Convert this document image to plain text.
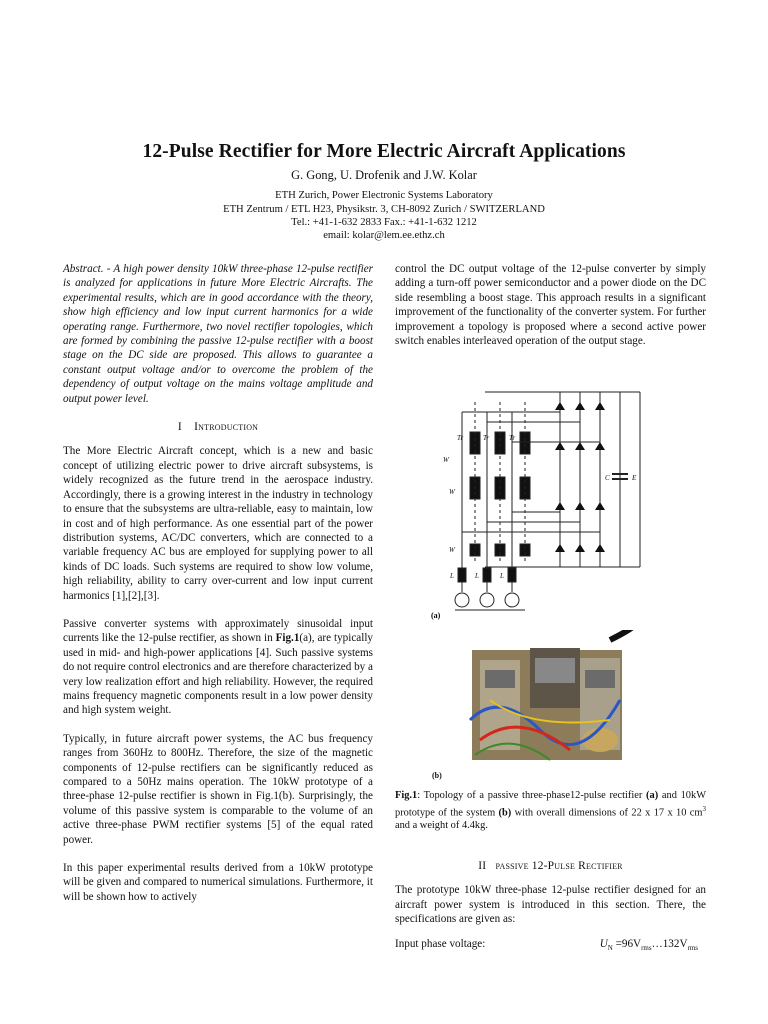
12-Pulse Rectifier for More Electric Aircraft Applications
G. Gong, U. Drofenik and J.W. Kolar
ETH Zurich, Power Electronic Systems Laboratory
ETH Zentrum / ETL H23, Physikstr. 3, CH-8092 Zurich / SWITZERLAND
Tel.: +41-1-632 2833 Fax.: +41-1-632 1212
email: kolar@lem.ee.ethz.ch

Abstract. - A high power density 10kW three-phase 12-pulse rectifier is analyzed for applications in future More Electric Aircrafts. The experimental results, which are in good accordance with the theory, show high efficiency and low input current harmonics for a wide operating range. Furthermore, two novel rectifier topologies, which are formed by combining the passive 12-pulse rectifier with a boost stage on the DC side are proposed. This allows to guarantee a constant output voltage and/or to overcome the problem of the dependency of output voltage on the mains voltage amplitude and output power level.

I Introduction

The More Electric Aircraft concept, which is a new and basic concept of utilizing electric power to drive aircraft subsystems, is widely recognized as the future trend in the aerospace industry. Accordingly, there is a growing interest in the industry in technology to ensure that the subsystems are ultra-reliable, easy to maintain, low in cost and of high performance. As one essential part of the power distribution systems, AC/DC converters, which are connected to a variable frequency AC bus are employed for supplying power to all kinds of DC loads. Such systems are required to show low volume, high reliability, ability to carry over-current and low input current harmonics [1],[2],[3].

Passive converter systems with approximately sinusoidal input currents like the 12-pulse rectifier, as shown in Fig.1(a), are typically used in mid- and high-power applications [4]. Such passive systems do not require control electronics and are therefore characterized by a very low realization effort and high reliability. However, the required mains frequency magnetic components result in a low power density and high system weight.

Typically, in future aircraft power systems, the AC bus frequency ranges from 360Hz to 800Hz. Therefore, the size of the magnetic components of 12-pulse rectifiers can be significantly reduced as compared to a 50Hz mains operation. The 10kW prototype of a three-phase 12-pulse rectifier is shown in Fig.1(b). Surprisingly, the volume of this passive system is comparable to the volume of an active three-phase PWM rectifier systems [5] of the equal rated power.

In this paper experimental results derived from a 10kW prototype will be given and compared to numerical simulations. Furthermore, it will be shown how to actively

control the DC output voltage of the 12-pulse converter by simply adding a turn-off power semiconductor and a power diode on the DC side resembling a boost stage. This approach results in a significant improvement of the functionality of the converter system. For further improvement a topology is proposed where a second active power switch enables interleaved operation of the output stage.

Tr	Tr	Tr
W
W
W
L	L	L
C	E
(a)
(b)
Fig.1: Topology of a passive three-phase12-pulse rectifier (a) and 10kW prototype of the system (b) with overall dimensions of 22 x 17 x 10 $cm^3$ and a weight of 4.4kg.
II passive 12-Pulse Rectifier

The prototype 10kW three-phase 12-pulse rectifier designed for an aircraft power system is introduced in this section. There, the specifications are given as:

Input phase voltage:	$U_N$ $=96V_{rms}\dots 132V_{rms}$
